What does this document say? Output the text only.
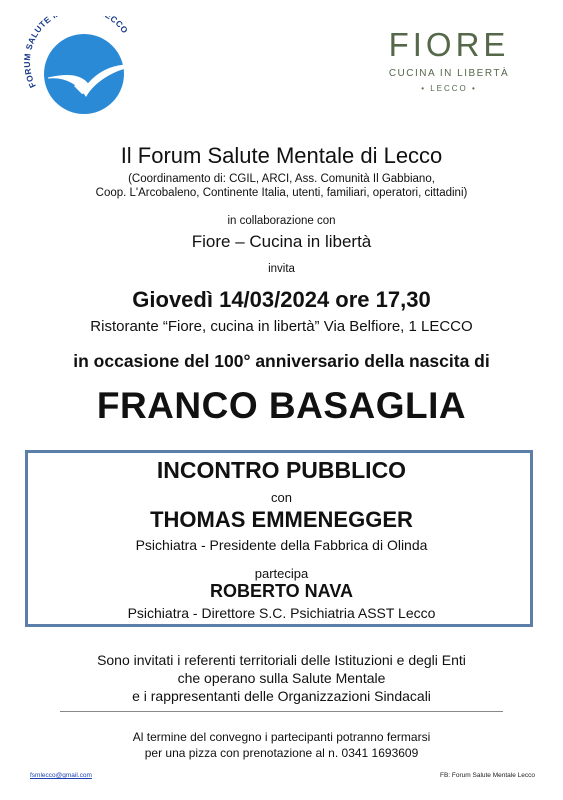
FORUM SALUTE CCO	FIORE
CUCINA IN LIBERTÀ
• LECCO •
Il Forum Salute Mentale di Lecco
(Coordinamento di: CGIL, ARCI, Ass. Comunità Il Gabbiano,
Coop. L'Arcobaleno, Continente Italia, utenti, familiari, operatori, cittadini)
in collaborazione con
Fiore – Cucina in libertà
invita
Giovedì 14/03/2024 ore 17,30
Ristorante “Fiore, cucina in libertà” Via Belfiore, 1 LECCO
in occasione del 100° anniversario della nascita di
FRANCO BASAGLIA
INCONTRO PUBBLICO
con
THOMAS EMMENEGGER
Psichiatra - Presidente della Fabbrica di Olinda
partecipa
ROBERTO NAVA
Psichiatra - Direttore S.C. Psichiatria ASST Lecco
Sono invitati i referenti territoriali delle Istituzioni e degli Enti
che operano sulla Salute Mentale
e i rappresentanti delle Organizzazioni Sindacali
Al termine del convegno i partecipanti potranno fermarsi
per una pizza con prenotazione al n. 0341 1693609
fsmlecco@gmail.com	FB: Forum Salute Mentale Lecco
